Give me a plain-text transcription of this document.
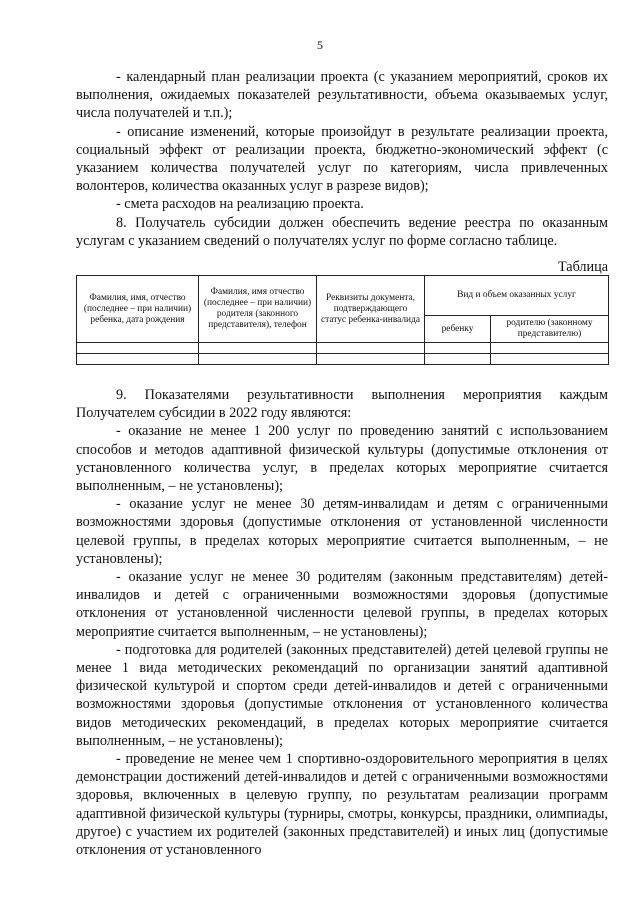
5

- календарный план реализации проекта (с указанием мероприятий, сроков их выполнения, ожидаемых показателей результативности, объема оказываемых услуг, числа получателей и т.п.);

- описание изменений, которые произойдут в результате реализации проекта, социальный эффект от реализации проекта, бюджетно-экономический эффект (с указанием количества получателей услуг по категориям, числа привлеченных волонтеров, количества оказанных услуг в разрезе видов);

- смета расходов на реализацию проекта.

8. Получатель субсидии должен обеспечить ведение реестра по оказанным услугам с указанием сведений о получателях услуг по форме согласно таблице.

Таблица
Фамилия, имя, отчество (последнее – при наличии) ребенка, дата рождения	Фамилия, имя отчество (последнее – при наличии) родителя (законного представителя), телефон	Реквизиты документа, подтверждающего статус ребенка-инвалида	Вид и объем оказанных услуг	
			ребенку	родителю (законному представителю)

9. Показателями результативности выполнения мероприятия каждым Получателем субсидии в 2022 году являются:

- оказание не менее 1 200 услуг по проведению занятий с использованием способов и методов адаптивной физической культуры (допустимые отклонения от установленного количества услуг, в пределах которых мероприятие считается выполненным, – не установлены);

- оказание услуг не менее 30 детям-инвалидам и детям с ограниченными возможностями здоровья (допустимые отклонения от установленной численности целевой группы, в пределах которых мероприятие считается выполненным, – не установлены);

- оказание услуг не менее 30 родителям (законным представителям) детей-инвалидов и детей с ограниченными возможностями здоровья (допустимые отклонения от установленной численности целевой группы, в пределах которых мероприятие считается выполненным, – не установлены);

- подготовка для родителей (законных представителей) детей целевой группы не менее 1 вида методических рекомендаций по организации занятий адаптивной физической культурой и спортом среди детей-инвалидов и детей с ограниченными возможностями здоровья (допустимые отклонения от установленного количества видов методических рекомендаций, в пределах которых мероприятие считается выполненным, – не установлены);

- проведение не менее чем 1 спортивно-оздоровительного мероприятия в целях демонстрации достижений детей-инвалидов и детей с ограниченными возможностями здоровья, включенных в целевую группу, по результатам реализации программ адаптивной физической культуры (турниры, смотры, конкурсы, праздники, олимпиады, другое) с участием их родителей (законных представителей) и иных лиц (допустимые отклонения от установленного
